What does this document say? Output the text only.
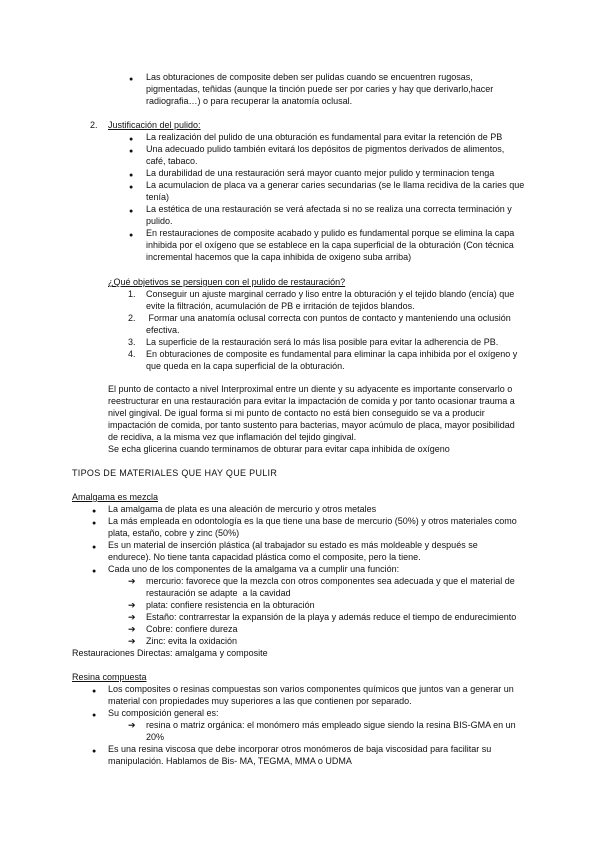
● Las obturaciones de composite deben ser pulidas cuando se encuentren rugosas,
pigmentadas, teñidas (aunque la tinción puede ser por caries y hay que derivarlo,hacer
radiografia…) o para recuperar la anatomía oclusal.
2. Justificación del pulido:
● La realización del pulido de una obturación es fundamental para evitar la retención de PB
● Una adecuado pulido también evitará los depósitos de pigmentos derivados de alimentos,
café, tabaco.
● La durabilidad de una restauración será mayor cuanto mejor pulido y terminacion tenga
● La acumulacion de placa va a generar caries secundarias (se le llama recidiva de la caries que
tenía)
● La estética de una restauración se verá afectada si no se realiza una correcta terminación y
pulido.
● En restauraciones de composite acabado y pulido es fundamental porque se elimina la capa
inhibida por el oxígeno que se establece en la capa superficial de la obturación (Con técnica
incremental hacemos que la capa inhibida de oxigeno suba arriba)
¿Qué objetivos se persiguen con el pulido de restauración?
1. Conseguir un ajuste marginal cerrado y liso entre la obturación y el tejido blando (encía) que
evite la filtración, acumulación de PB e irritación de tejidos blandos.
2. Formar una anatomía oclusal correcta con puntos de contacto y manteniendo una oclusión
efectiva.
3. La superficie de la restauración será lo más lisa posible para evitar la adherencia de PB.
4. En obturaciones de composite es fundamental para eliminar la capa inhibida por el oxígeno y
que queda en la capa superficial de la obturación.
El punto de contacto a nivel Interproximal entre un diente y su adyacente es importante conservarlo o
reestructurar en una restauración para evitar la impactación de comida y por tanto ocasionar trauma a
nivel gingival. De igual forma si mi punto de contacto no está bien conseguido se va a producir
impactación de comida, por tanto sustento para bacterias, mayor acúmulo de placa, mayor posibilidad
de recidiva, a la misma vez que inflamación del tejido gingival.
Se echa glicerina cuando terminamos de obturar para evitar capa inhibida de oxígeno
TIPOS DE MATERIALES QUE HAY QUE PULIR
Amalgama es mezcla
● La amalgama de plata es una aleación de mercurio y otros metales
● La más empleada en odontología es la que tiene una base de mercurio (50%) y otros materiales como
plata, estaño, cobre y zinc (50%)
● Es un material de inserción plástica (al trabajador su estado es más moldeable y después se
endurece). No tiene tanta capacidad plástica como el composite, pero la tiene.
● Cada uno de los componentes de la amalgama va a cumplir una función:
➔ mercurio: favorece que la mezcla con otros componentes sea adecuada y que el material de
restauración se adapte  a la cavidad
➔ plata: confiere resistencia en la obturación
➔ Estaño: contrarrestar la expansión de la playa y además reduce el tiempo de endurecimiento
➔ Cobre: confiere dureza
➔ Zinc: evita la oxidación
Restauraciones Directas: amalgama y composite
Resina compuesta
● Los composites o resinas compuestas son varios componentes químicos que juntos van a generar un
material con propiedades muy superiores a las que contienen por separado.
● Su composición general es:
➔ resina o matriz orgánica: el monómero más empleado sigue siendo la resina BIS-GMA en un
20%
● Es una resina viscosa que debe incorporar otros monómeros de baja viscosidad para facilitar su
manipulación. Hablamos de Bis- MA, TEGMA, MMA o UDMA
